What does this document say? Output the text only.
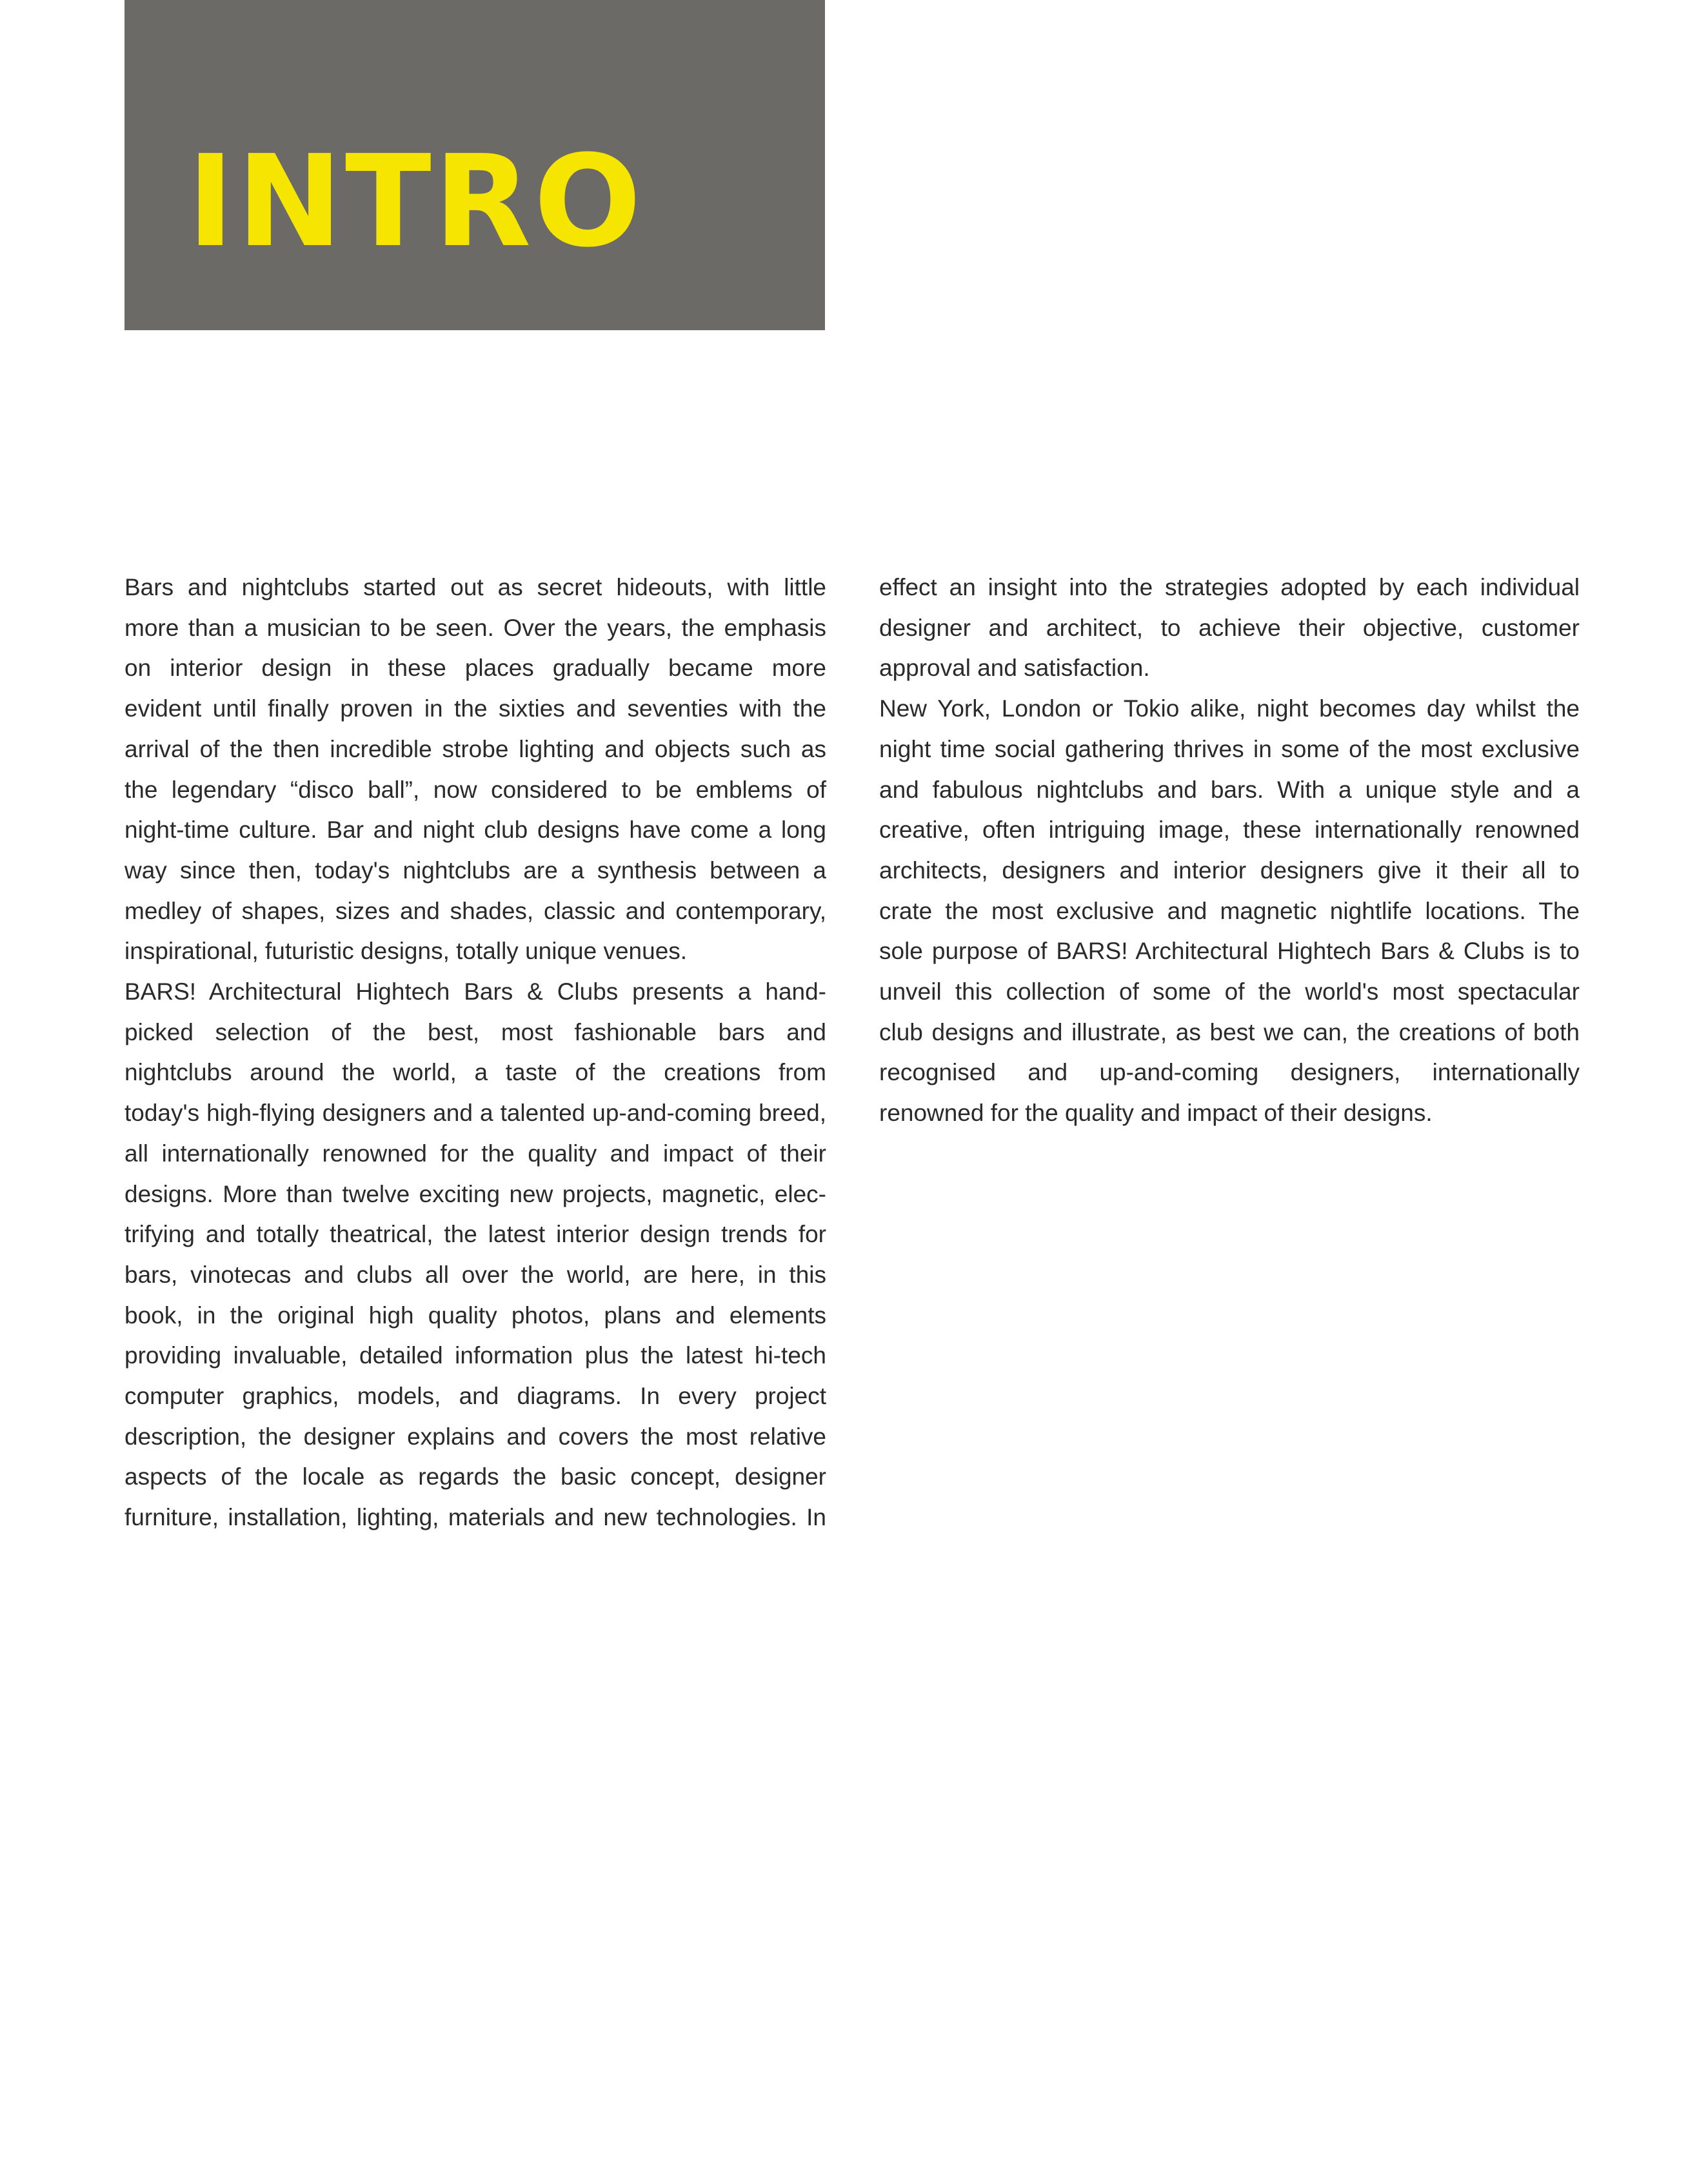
INTRO

Bars and nightclubs started out as secret hideouts, with little

more than a musician to be seen. Over the years, the emphasis

on interior design in these places gradually became more

evident until finally proven in the sixties and seventies with the

arrival of the then incredible strobe lighting and objects such as

the legendary “disco ball”, now considered to be emblems of

night-time culture. Bar and night club designs have come a long

way since then, today's nightclubs are a synthesis between a

medley of shapes, sizes and shades, classic and contemporary,

inspirational, futuristic designs, totally unique venues.

BARS! Architectural Hightech Bars & Clubs presents a hand-

picked selection of the best, most fashionable bars and

nightclubs around the world, a taste of the creations from

today's high-flying designers and a talented up-and-coming breed,

all internationally renowned for the quality and impact of their

designs. More than twelve exciting new projects, magnetic, elec-

trifying and totally theatrical, the latest interior design trends for

bars, vinotecas and clubs all over the world, are here, in this

book, in the original high quality photos, plans and elements

providing invaluable, detailed information plus the latest hi-tech

computer graphics, models, and diagrams. In every project

description, the designer explains and covers the most relative

aspects of the locale as regards the basic concept, designer

furniture, installation, lighting, materials and new technologies. In

effect an insight into the strategies adopted by each individual

designer and architect, to achieve their objective, customer

approval and satisfaction.

New York, London or Tokio alike, night becomes day whilst the

night time social gathering thrives in some of the most exclusive

and fabulous nightclubs and bars. With a unique style and a

creative, often intriguing image, these internationally renowned

architects, designers and interior designers give it their all to

crate the most exclusive and magnetic nightlife locations. The

sole purpose of BARS! Architectural Hightech Bars & Clubs is to

unveil this collection of some of the world's most spectacular

club designs and illustrate, as best we can, the creations of both

recognised and up-and-coming designers, internationally

renowned for the quality and impact of their designs.
